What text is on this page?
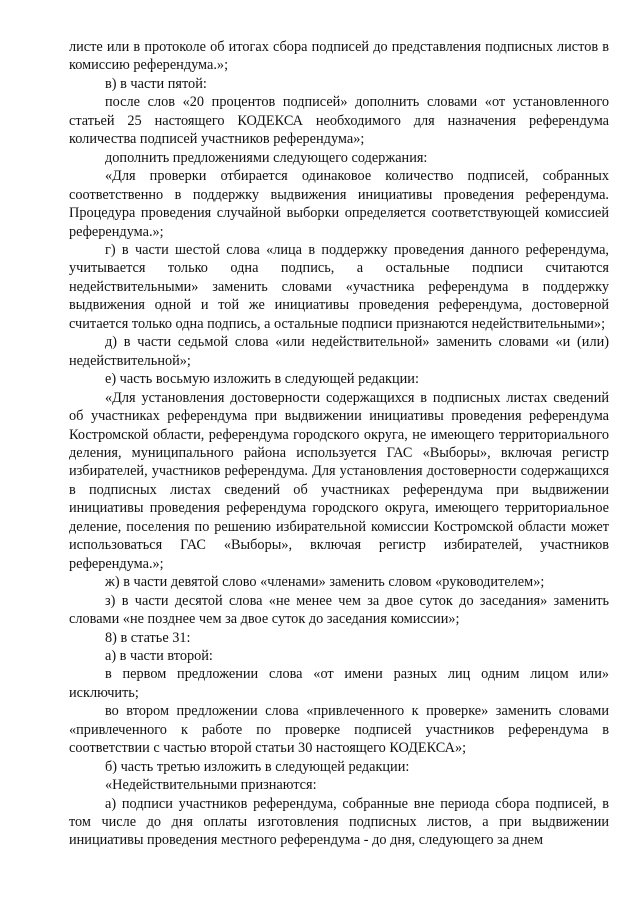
листе или в протоколе об итогах сбора подписей до представления подписных листов в комиссию референдума.»;

в) в части пятой:

после слов «20 процентов подписей» дополнить словами «от установленного статьей 25 настоящего КОДЕКСА необходимого для назначения референдума количества подписей участников референдума»;

дополнить предложениями следующего содержания:

«Для проверки отбирается одинаковое количество подписей, собранных соответственно в поддержку выдвижения инициативы проведения референдума. Процедура проведения случайной выборки определяется соответствующей комиссией референдума.»;

г) в части шестой слова «лица в поддержку проведения данного референдума, учитывается только одна подпись, а остальные подписи считаются недействительными» заменить словами «участника референдума в поддержку выдвижения одной и той же инициативы проведения референдума, достоверной считается только одна подпись, а остальные подписи признаются недействительными»;

д) в части седьмой слова «или недействительной» заменить словами «и (или) недействительной»;

е) часть восьмую изложить в следующей редакции:

«Для установления достоверности содержащихся в подписных листах сведений об участниках референдума при выдвижении инициативы проведения референдума Костромской области, референдума городского округа, не имеющего территориального деления, муниципального района используется ГАС «Выборы», включая регистр избирателей, участников референдума. Для установления достоверности содержащихся в подписных листах сведений об участниках референдума при выдвижении инициативы проведения референдума городского округа, имеющего территориальное деление, поселения по решению избирательной комиссии Костромской области может использоваться ГАС «Выборы», включая регистр избирателей, участников референдума.»;

ж) в части девятой слово «членами» заменить словом «руководителем»;

з) в части десятой слова «не менее чем за двое суток до заседания» заменить словами «не позднее чем за двое суток до заседания комиссии»;

8) в статье 31:

а) в части второй:

в первом предложении слова «от имени разных лиц одним лицом или» исключить;

во втором предложении слова «привлеченного к проверке» заменить словами «привлеченного к работе по проверке подписей участников референдума в соответствии с частью второй статьи 30 настоящего КОДЕКСА»;

б) часть третью изложить в следующей редакции:

«Недействительными признаются:

а) подписи участников референдума, собранные вне периода сбора подписей, в том числе до дня оплаты изготовления подписных листов, а при выдвижении инициативы проведения местного референдума - до дня, следующего за днем
